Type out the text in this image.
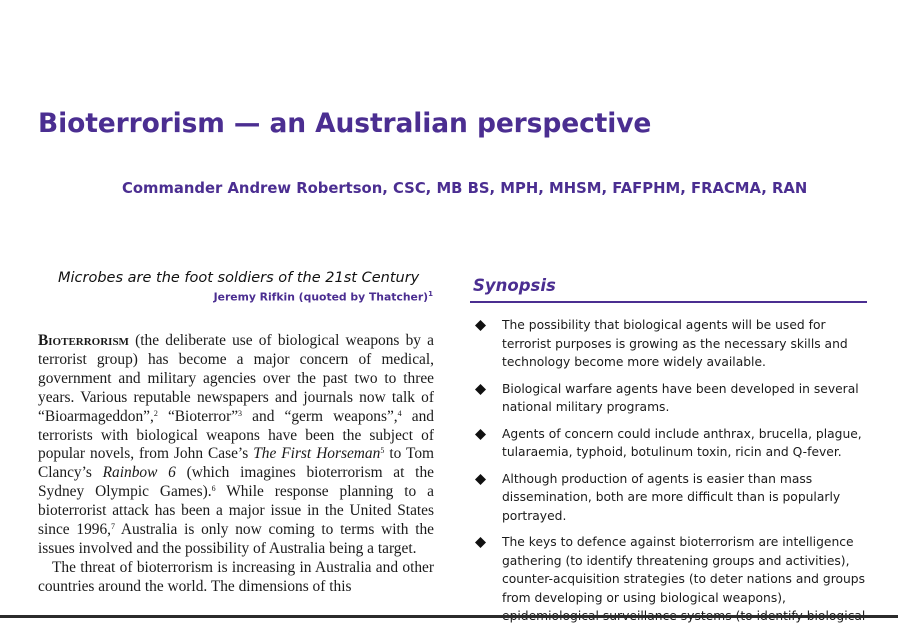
Bioterrorism — an Australian perspective
Commander Andrew Robertson, CSC, MB BS, MPH, MHSM, FAFPHM, FRACMA, RAN

Microbes are the foot soldiers of the 21st Century

Jeremy Rifkin (quoted by Thatcher)$^1$

Bioterrorism (the deliberate use of biological weapons by a terrorist group) has become a major concern of medical, government and military agencies over the past two to three years. Various reputable newspapers and journals now talk of “Bioarmageddon”,$^2$ “Bioterror”$^3$ and “germ weapons”,$^4$ and terrorists with biological weapons have been the subject of popular novels, from John Case’s The First Horseman$^5$ to Tom Clancy’s Rainbow 6 (which imagines bioterrorism at the Sydney Olympic Games).$^6$ While response planning to a bioterrorist attack has been a major issue in the United States since 1996,$^7$ Australia is only now coming to terms with the issues involved and the possibility of Australia being a target.

The threat of bioterrorism is increasing in Australia and other countries around the world. The dimensions of this

Synopsis
The possibility that biological agents will be used for terrorist purposes is growing as the necessary skills and technology become more widely available.
Biological warfare agents have been developed in several national military programs.
Agents of concern could include anthrax, brucella, plague, tularaemia, typhoid, botulinum toxin, ricin and Q-fever.
Although production of agents is easier than mass dissemination, both are more difficult than is popularly portrayed.
The keys to defence against bioterrorism are intelligence gathering (to identify threatening groups and activities), counter-acquisition strategies (to deter nations and groups from developing or using biological weapons),
